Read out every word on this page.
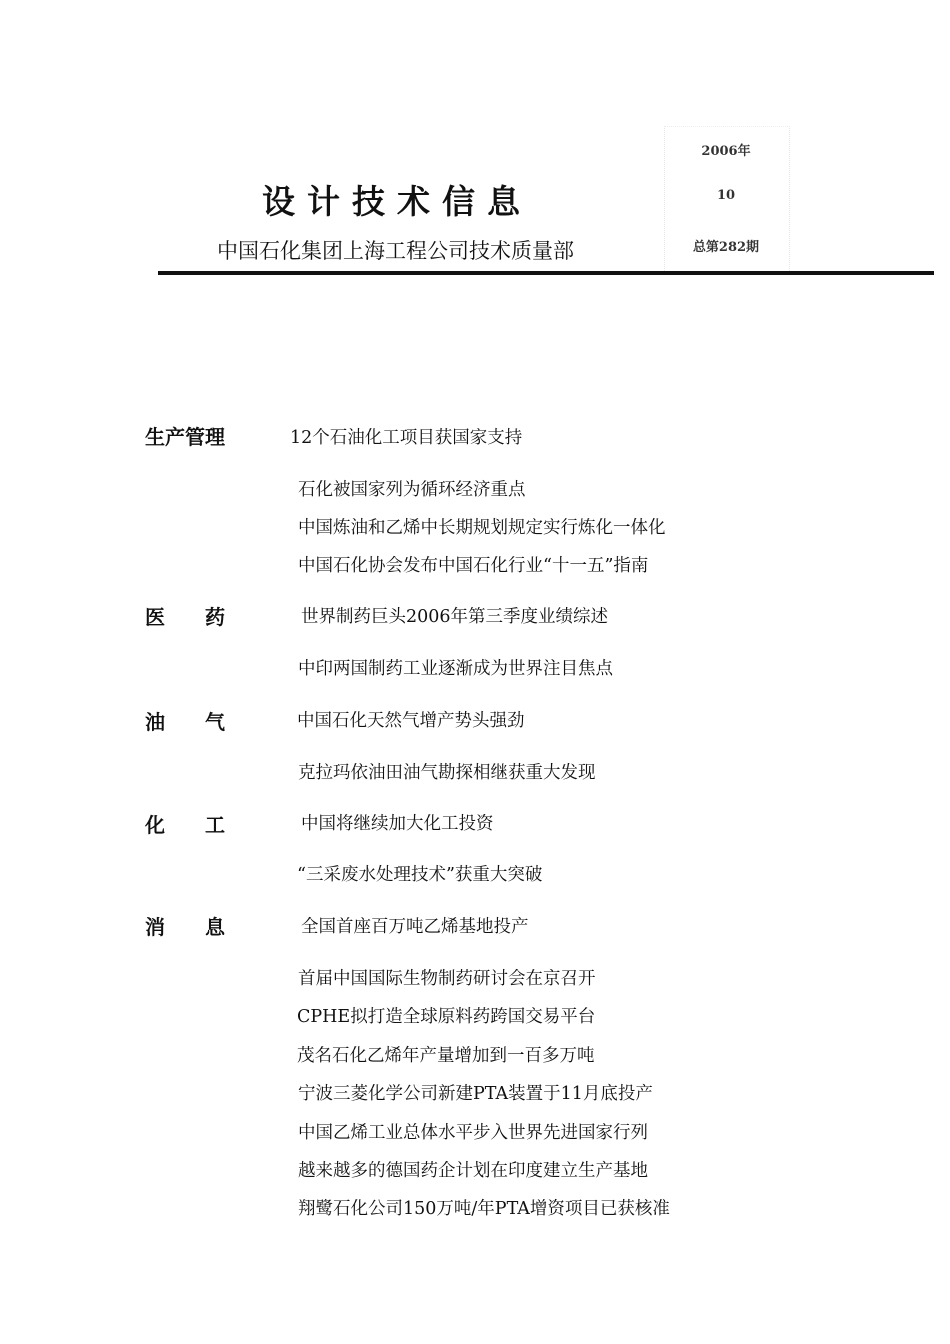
设计技术信息
中国石化集团上海工程公司技术质量部
2006年
10
总第282期
生产管理	12个石油化工项目获国家支持
石化被国家列为循环经济重点
中国炼油和乙烯中长期规划规定实行炼化一体化
中国石化协会发布中国石化行业“十一五”指南
医　　药	世界制药巨头2006年第三季度业绩综述
中印两国制药工业逐渐成为世界注目焦点
油　　气	中国石化天然气增产势头强劲
克拉玛依油田油气勘探相继获重大发现
化　　工	中国将继续加大化工投资
“三采废水处理技术”获重大突破
消　　息	全国首座百万吨乙烯基地投产
首届中国国际生物制药研讨会在京召开
CPHE拟打造全球原料药跨国交易平台
茂名石化乙烯年产量增加到一百多万吨
宁波三菱化学公司新建PTA装置于11月底投产
中国乙烯工业总体水平步入世界先进国家行列
越来越多的德国药企计划在印度建立生产基地
翔鹭石化公司150万吨/年PTA增资项目已获核准
